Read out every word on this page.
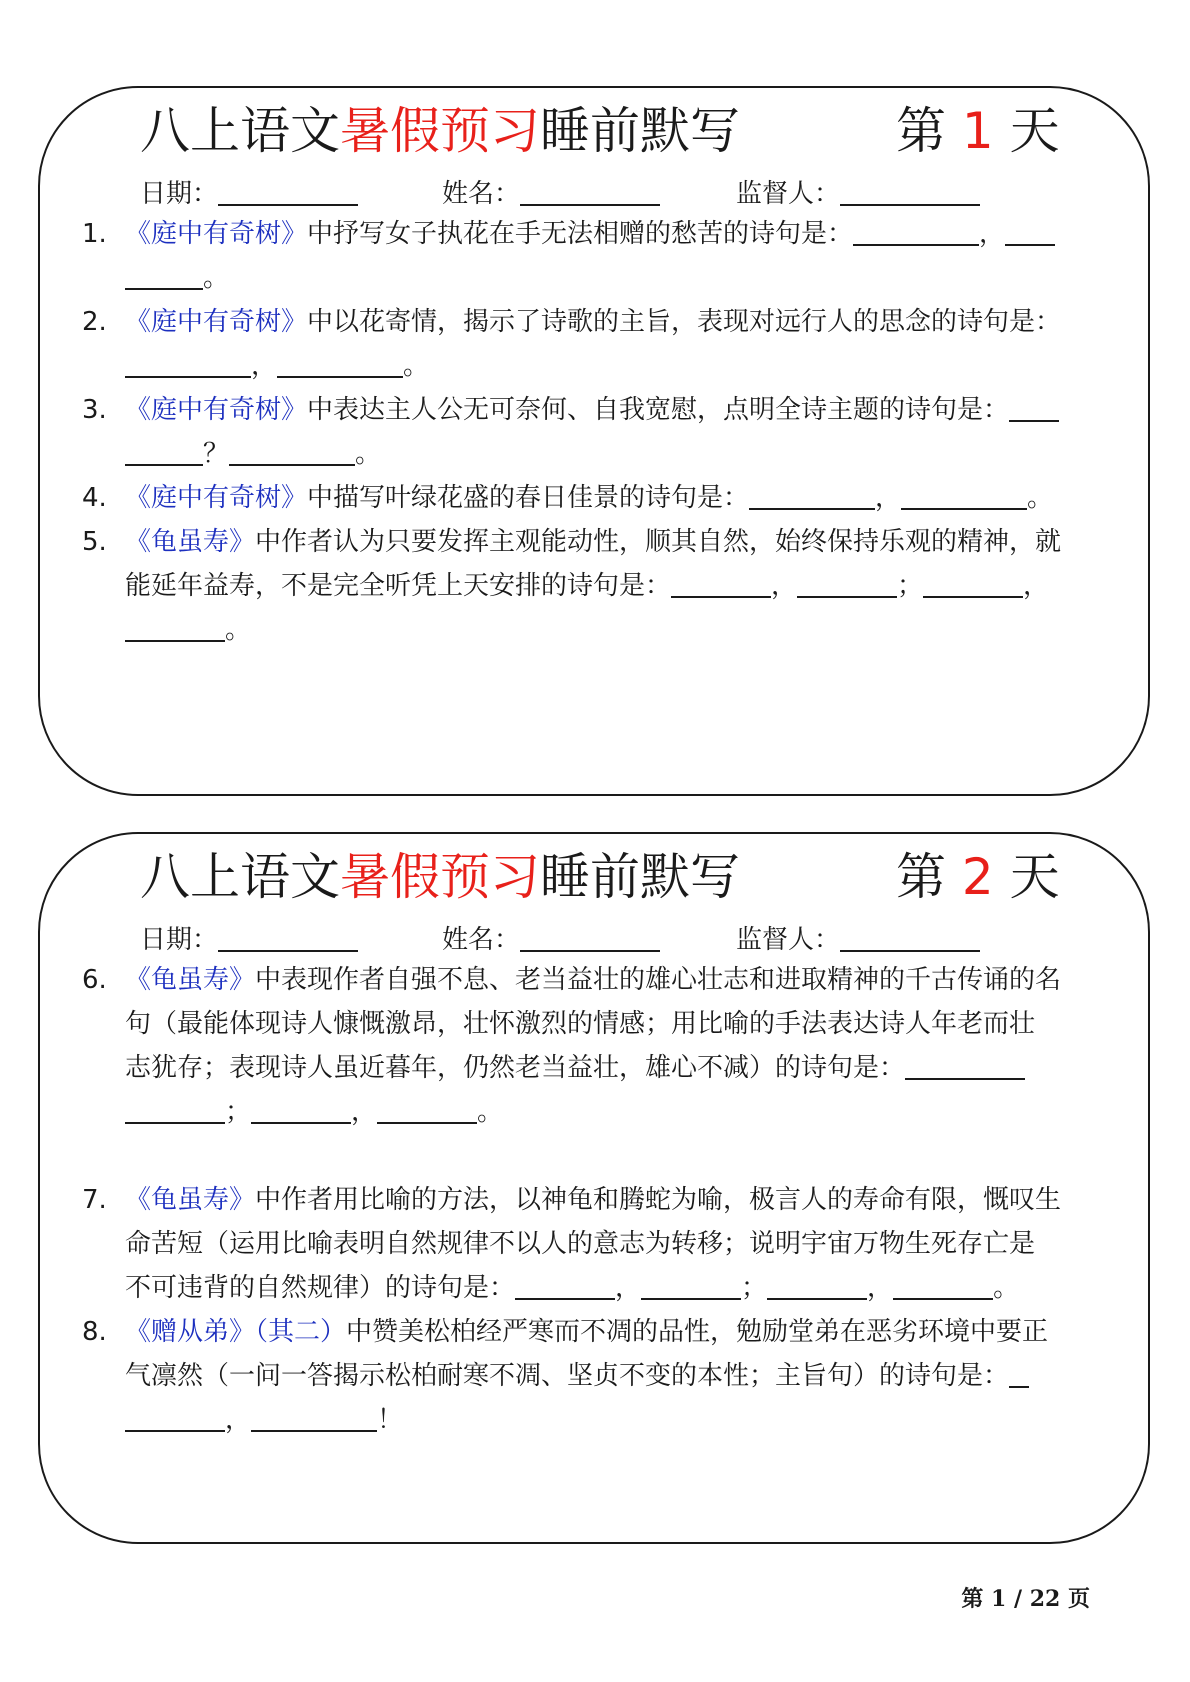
八上语文暑假预习睡前默写	第 1 天
日期：	姓名：	监督人：
1. 《庭中有奇树》中抒写女子执花在手无法相赠的愁苦的诗句是：	，
。
2. 《庭中有奇树》中以花寄情，揭示了诗歌的主旨，表现对远行人的思念的诗句是：
，	。
3. 《庭中有奇树》中表达主人公无可奈何、自我宽慰，点明全诗主题的诗句是：
？	。
4. 《庭中有奇树》中描写叶绿花盛的春日佳景的诗句是：	，	。
5. 《龟虽寿》中作者认为只要发挥主观能动性，顺其自然，始终保持乐观的精神，就
能延年益寿，不是完全听凭上天安排的诗句是：	，	；	，
。
八上语文暑假预习睡前默写	第 2 天
日期：	姓名：	监督人：
6. 《龟虽寿》中表现作者自强不息、老当益壮的雄心壮志和进取精神的千古传诵的名
句（最能体现诗人慷慨激昂，壮怀激烈的情感；用比喻的手法表达诗人年老而壮
志犹存；表现诗人虽近暮年，仍然老当益壮，雄心不减）的诗句是：
；	，	。
7. 《龟虽寿》中作者用比喻的方法，以神龟和腾蛇为喻，极言人的寿命有限，慨叹生
命苦短（运用比喻表明自然规律不以人的意志为转移；说明宇宙万物生死存亡是
不可违背的自然规律）的诗句是：	，	；	，	。
8. 《赠从弟》（其二）中赞美松柏经严寒而不凋的品性，勉励堂弟在恶劣环境中要正
气凛然（一问一答揭示松柏耐寒不凋、坚贞不变的本性；主旨句）的诗句是：
，	！
第 1 / 22 页
